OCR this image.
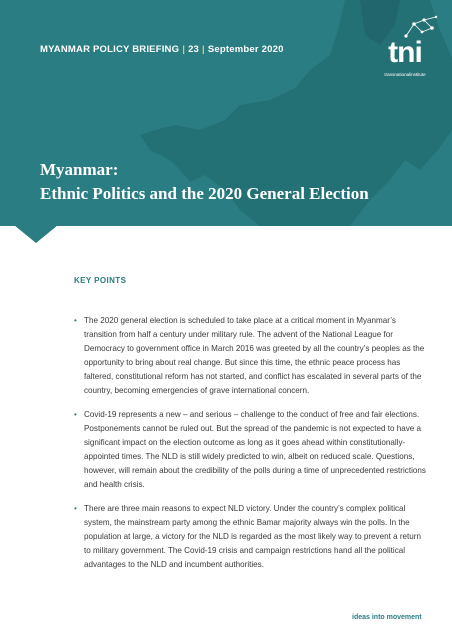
MYANMAR POLICY BRIEFING | 23 | September 2020	tni
transnationalinstitute
Myanmar:
Ethnic Politics and the 2020 General Election
KEY POINTS
• The 2020 general election is scheduled to take place at a critical moment in Myanmar’s transition from half a century under military rule. The advent of the National League for Democracy to government office in March 2016 was greeted by all the country’s peoples as the opportunity to bring about real change. But since this time, the ethnic peace process has faltered, constitutional reform has not started, and conflict has escalated in several parts of the country, becoming emergencies of grave international concern.
• Covid-19 represents a new – and serious – challenge to the conduct of free and fair elections. Postponements cannot be ruled out. But the spread of the pandemic is not expected to have a significant impact on the election outcome as long as it goes ahead within constitutionally-appointed times. The NLD is still widely predicted to win, albeit on reduced scale. Questions, however, will remain about the credibility of the polls during a time of unprecedented restrictions and health crisis.
• There are three main reasons to expect NLD victory. Under the country’s complex political system, the mainstream party among the ethnic Bamar majority always win the polls. In the population at large, a victory for the NLD is regarded as the most likely way to prevent a return to military government. The Covid-19 crisis and campaign restrictions hand all the political advantages to the NLD and incumbent authorities.
ideas into movement
